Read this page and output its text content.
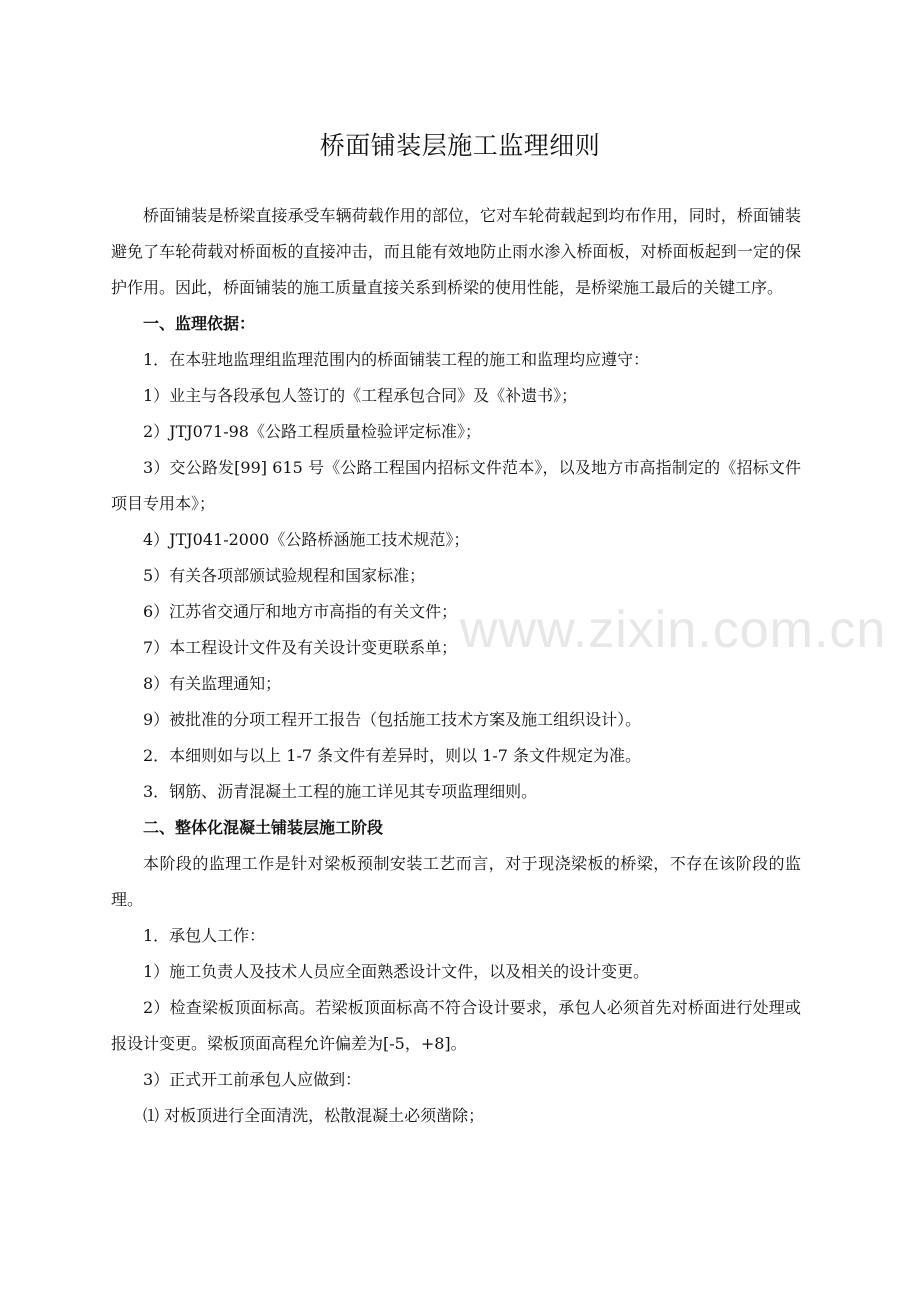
桥面铺装层施工监理细则

桥面铺装是桥梁直接承受车辆荷载作用的部位，它对车轮荷载起到均布作用，同时，桥面铺装避免了车轮荷载对桥面板的直接冲击，而且能有效地防止雨水渗入桥面板，对桥面板起到一定的保护作用。因此，桥面铺装的施工质量直接关系到桥梁的使用性能，是桥梁施工最后的关键工序。

一、监理依据：

1．在本驻地监理组监理范围内的桥面铺装工程的施工和监理均应遵守：

1）业主与各段承包人签订的《工程承包合同》及《补遗书》；

2）JTJ071-98《公路工程质量检验评定标准》；

3）交公路发[99] 615 号《公路工程国内招标文件范本》，以及地方市高指制定的《招标文件项目专用本》；

4）JTJ041-2000《公路桥涵施工技术规范》；

5）有关各项部颁试验规程和国家标准；

6）江苏省交通厅和地方市高指的有关文件；

7）本工程设计文件及有关设计变更联系单；

8）有关监理通知；

9）被批准的分项工程开工报告（包括施工技术方案及施工组织设计）。

2．本细则如与以上 1-7 条文件有差异时，则以 1-7 条文件规定为准。

3．钢筋、沥青混凝土工程的施工详见其专项监理细则。

二、整体化混凝土铺装层施工阶段

本阶段的监理工作是针对梁板预制安装工艺而言，对于现浇梁板的桥梁，不存在该阶段的监理。

1．承包人工作：

1）施工负责人及技术人员应全面熟悉设计文件，以及相关的设计变更。

2）检查梁板顶面标高。若梁板顶面标高不符合设计要求，承包人必须首先对桥面进行处理或报设计变更。梁板顶面高程允许偏差为[-5，+8]。

3）正式开工前承包人应做到：

⑴ 对板顶进行全面清洗，松散混凝土必须凿除；

www.zixin.com.cn
